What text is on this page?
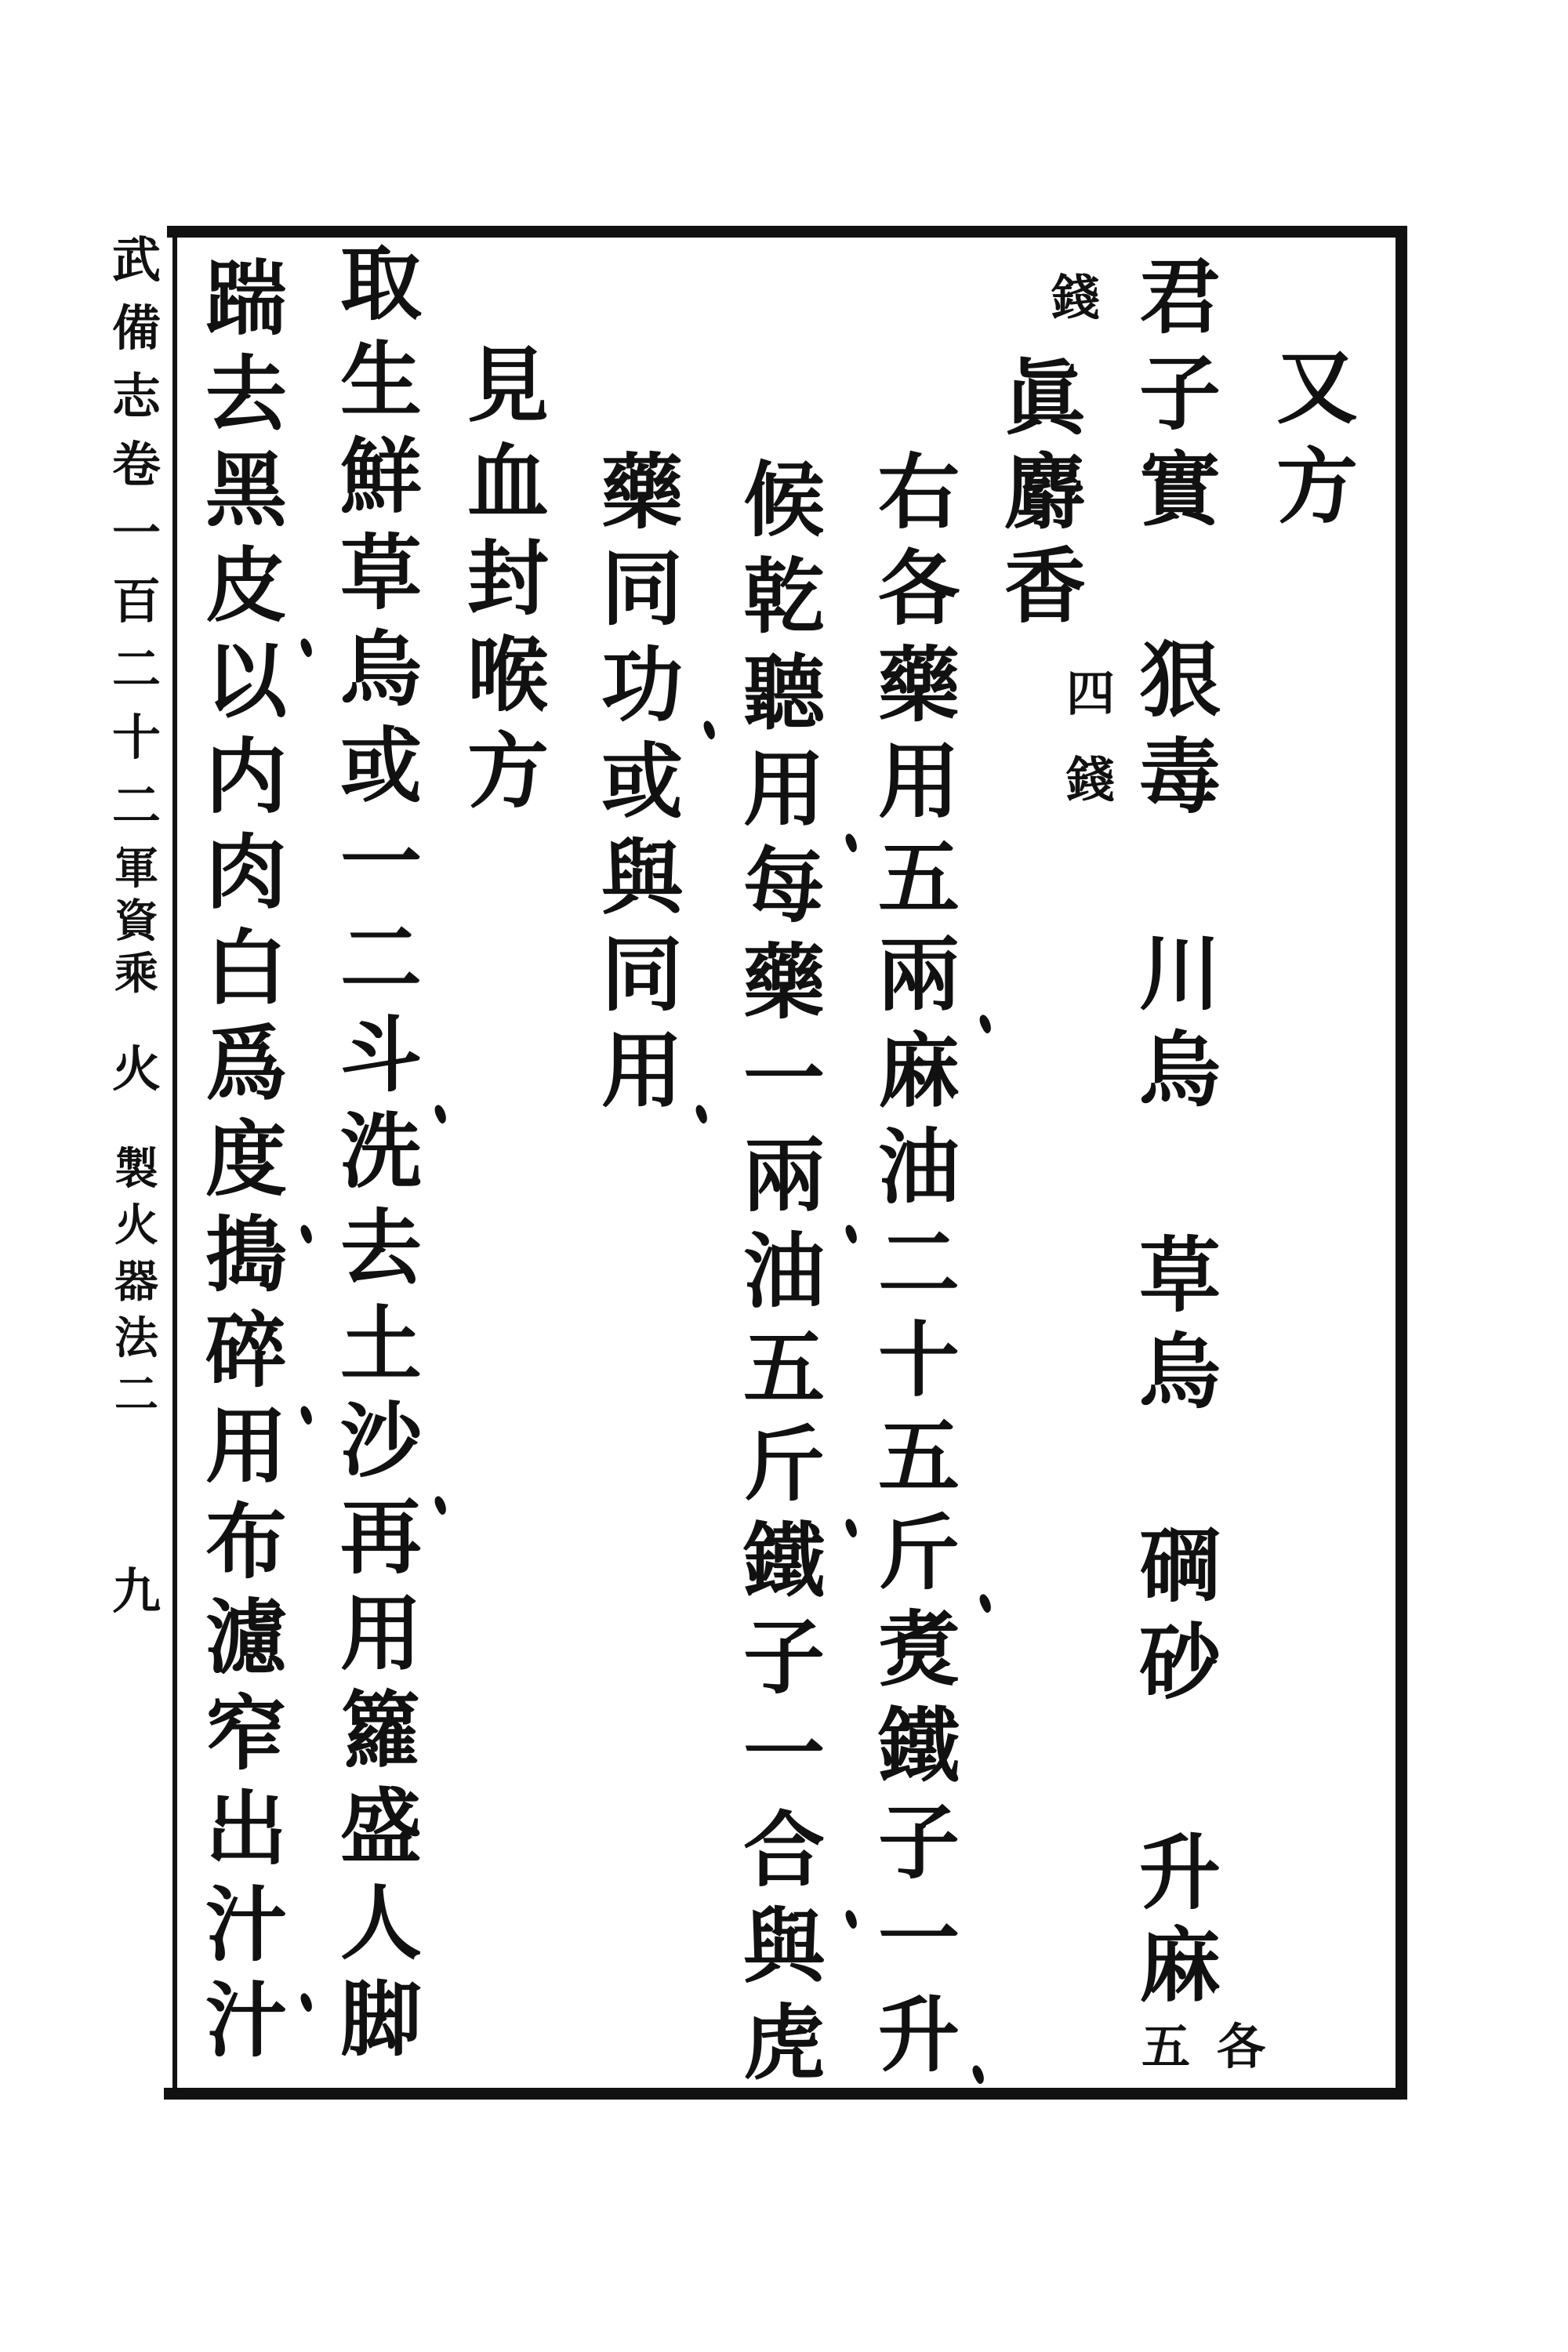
武
備
志
卷
一
百
二
十
二
軍
資
乘
火
製
火
器
法
二
九
又
方
君
子
實
狠
毒
川
烏
草
烏
碙
砂
升
麻
各
五
錢
眞
麝
香
四
錢
右
各
藥
用
五
兩
麻
油
二
十
五
斤
煑
鐵
子
一
升
候
乾
聽
用
每
藥
一
兩
油
五
斤
鐵
子
一
合
與
虎
藥
同
功
或
與
同
用
見
血
封
喉
方
取
生
鮮
草
烏
或
一
二
斗
洗
去
土
沙
再
用
籮
盛
人
脚
踹
去
黑
皮
以
内
肉
白
爲
度
搗
碎
用
布
濾
窄
出
汁
汁
